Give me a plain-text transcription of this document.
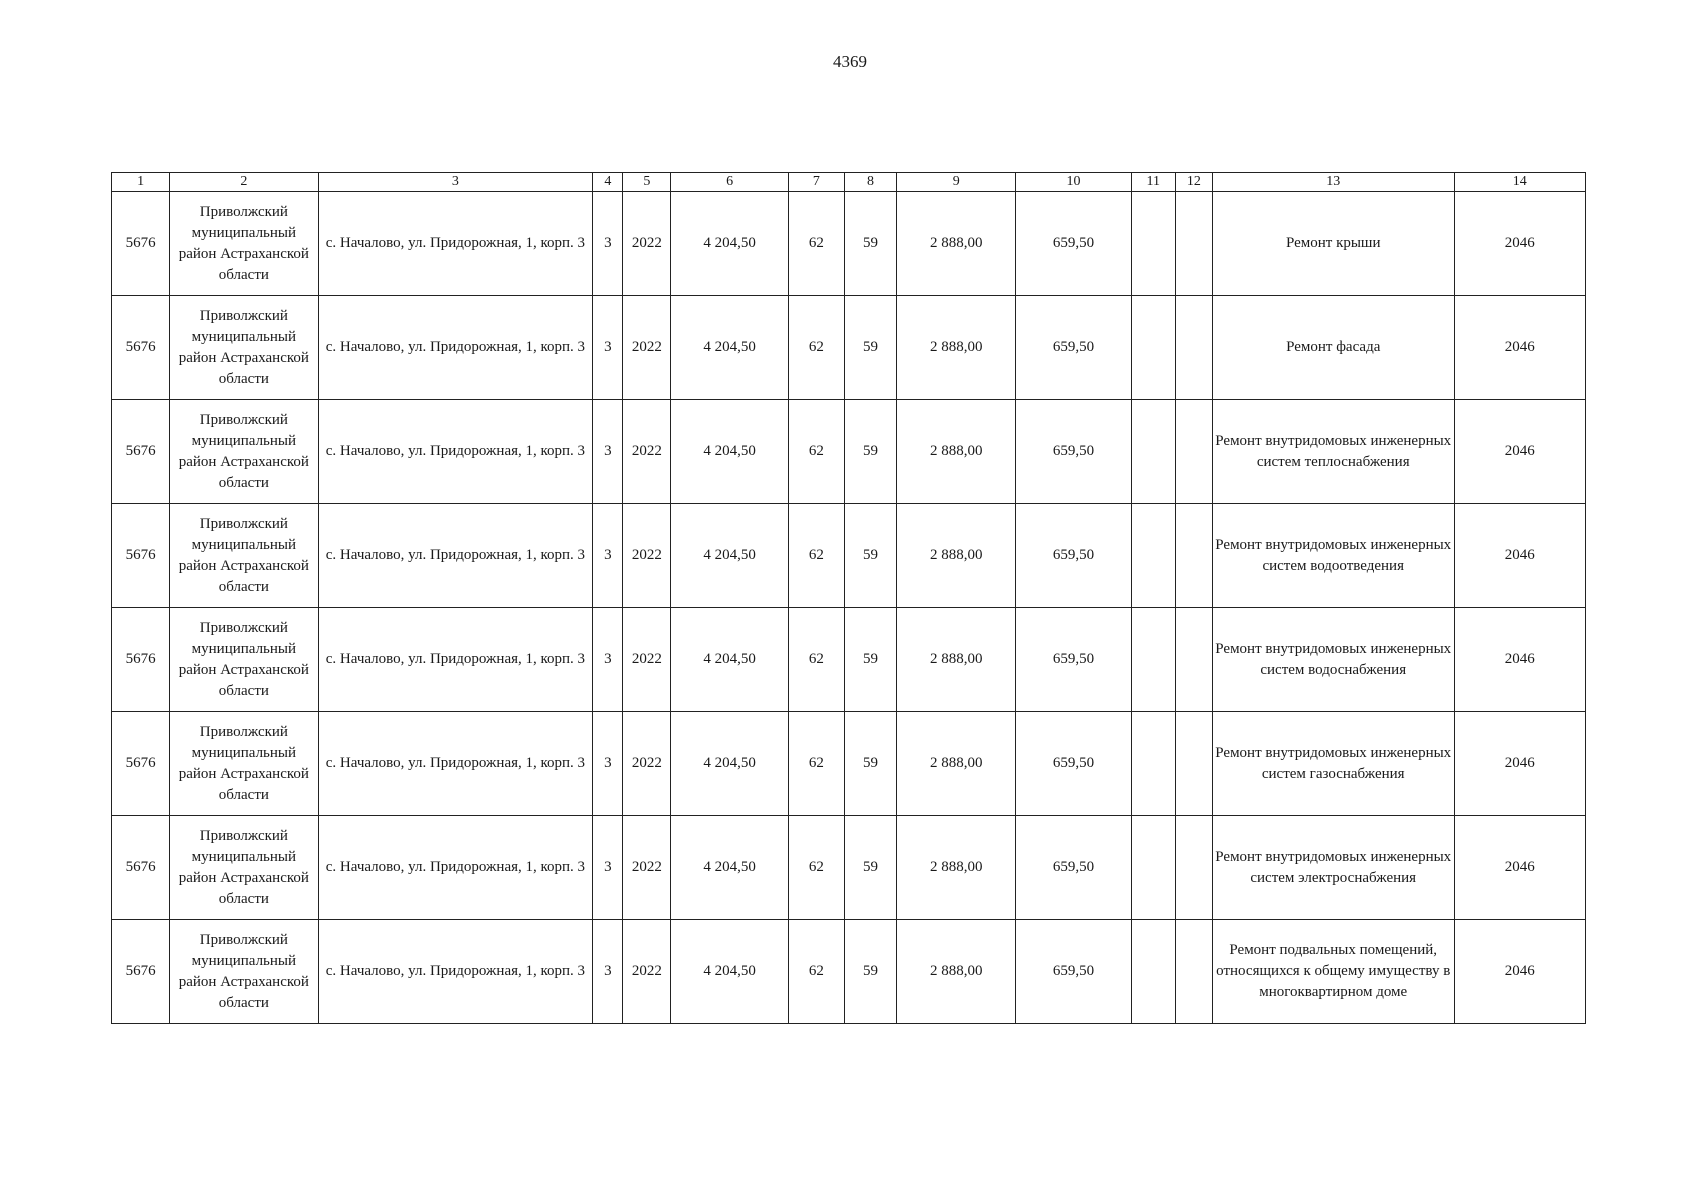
4369
1	2	3	4	5	6	7	8	9	10	11	12	13	14
5676	Приволжский муниципальный район Астраханской области	с. Началово, ул. Придорожная, 1, корп. 3	3	2022	4 204,50	62	59	2 888,00	659,50			Ремонт крыши	2046
5676	Приволжский муниципальный район Астраханской области	с. Началово, ул. Придорожная, 1, корп. 3	3	2022	4 204,50	62	59	2 888,00	659,50			Ремонт фасада	2046
5676	Приволжский муниципальный район Астраханской области	с. Началово, ул. Придорожная, 1, корп. 3	3	2022	4 204,50	62	59	2 888,00	659,50			Ремонт внутридомовых инженерных систем теплоснабжения	2046
5676	Приволжский муниципальный район Астраханской области	с. Началово, ул. Придорожная, 1, корп. 3	3	2022	4 204,50	62	59	2 888,00	659,50			Ремонт внутридомовых инженерных систем водоотведения	2046
5676	Приволжский муниципальный район Астраханской области	с. Началово, ул. Придорожная, 1, корп. 3	3	2022	4 204,50	62	59	2 888,00	659,50			Ремонт внутридомовых инженерных систем водоснабжения	2046
5676	Приволжский муниципальный район Астраханской области	с. Началово, ул. Придорожная, 1, корп. 3	3	2022	4 204,50	62	59	2 888,00	659,50			Ремонт внутридомовых инженерных систем газоснабжения	2046
5676	Приволжский муниципальный район Астраханской области	с. Началово, ул. Придорожная, 1, корп. 3	3	2022	4 204,50	62	59	2 888,00	659,50			Ремонт внутридомовых инженерных систем электроснабжения	2046
5676	Приволжский муниципальный район Астраханской области	с. Началово, ул. Придорожная, 1, корп. 3	3	2022	4 204,50	62	59	2 888,00	659,50			Ремонт подвальных помещений, относящихся к общему имуществу в многоквартирном доме	2046
